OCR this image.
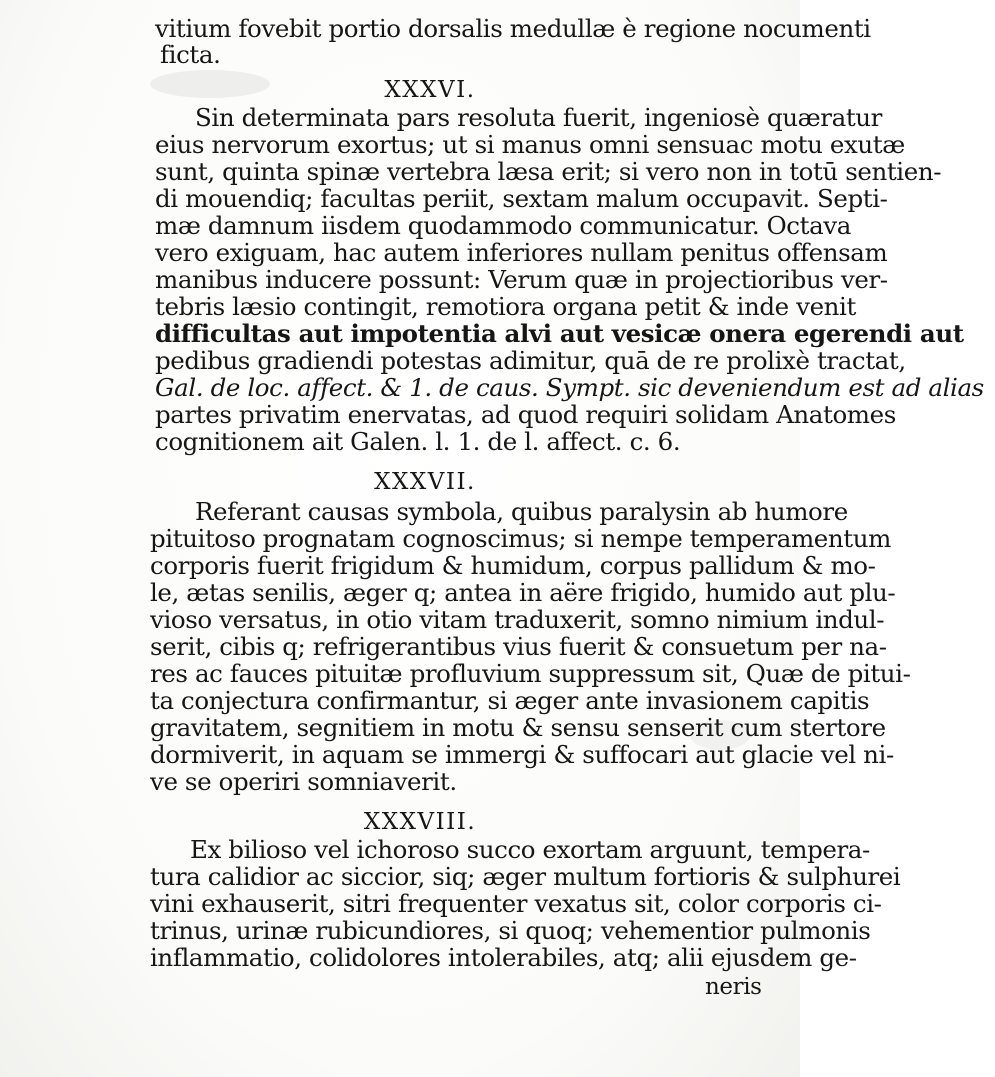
vitium fovebit portio dorsalis medullæ è regione nocumenti
ficta.
XXXVI.
Sin determinata pars resoluta fuerit, ingeniosè quæratur
eius nervorum exortus; ut si manus omni sensuac motu exutæ
sunt, quinta spinæ vertebra læsa erit; si vero non in totū sentien-
di mouendiq; facultas periit, sextam malum occupavit. Septi-
mæ damnum iisdem quodammodo communicatur. Octava
vero exiguam, hac autem inferiores nullam penitus offensam
manibus inducere possunt: Verum quæ in projectioribus ver-
tebris læsio contingit, remotiora organa petit & inde venit
difficultas aut impotentia alvi aut vesicæ onera egerendi aut
pedibus gradiendi potestas adimitur, quā de re prolixè tractat,
Gal. de loc. affect. & 1. de caus. Sympt. sic deveniendum est ad alias
partes privatim enervatas, ad quod requiri solidam Anatomes
cognitionem ait Galen. l. 1. de l. affect. c. 6.
XXXVII.
Referant causas symbola, quibus paralysin ab humore
pituitoso prognatam cognoscimus; si nempe temperamentum
corporis fuerit frigidum & humidum, corpus pallidum & mo-
le, ætas senilis, æger q; antea in aëre frigido, humido aut plu-
vioso versatus, in otio vitam traduxerit, somno nimium indul-
serit, cibis q; refrigerantibus vius fuerit & consuetum per na-
res ac fauces pituitæ profluvium suppressum sit, Quæ de pitui-
ta conjectura confirmantur, si æger ante invasionem capitis
gravitatem, segnitiem in motu & sensu senserit cum stertore
dormiverit, in aquam se immergi & suffocari aut glacie vel ni-
ve se operiri somniaverit.
XXXVIII.
Ex bilioso vel ichoroso succo exortam arguunt, tempera-
tura calidior ac siccior, siq; æger multum fortioris & sulphurei
vini exhauserit, sitri frequenter vexatus sit, color corporis ci-
trinus, urinæ rubicundiores, si quoq; vehementior pulmonis
inflammatio, colidolores intolerabiles, atq; alii ejusdem ge-
neris
